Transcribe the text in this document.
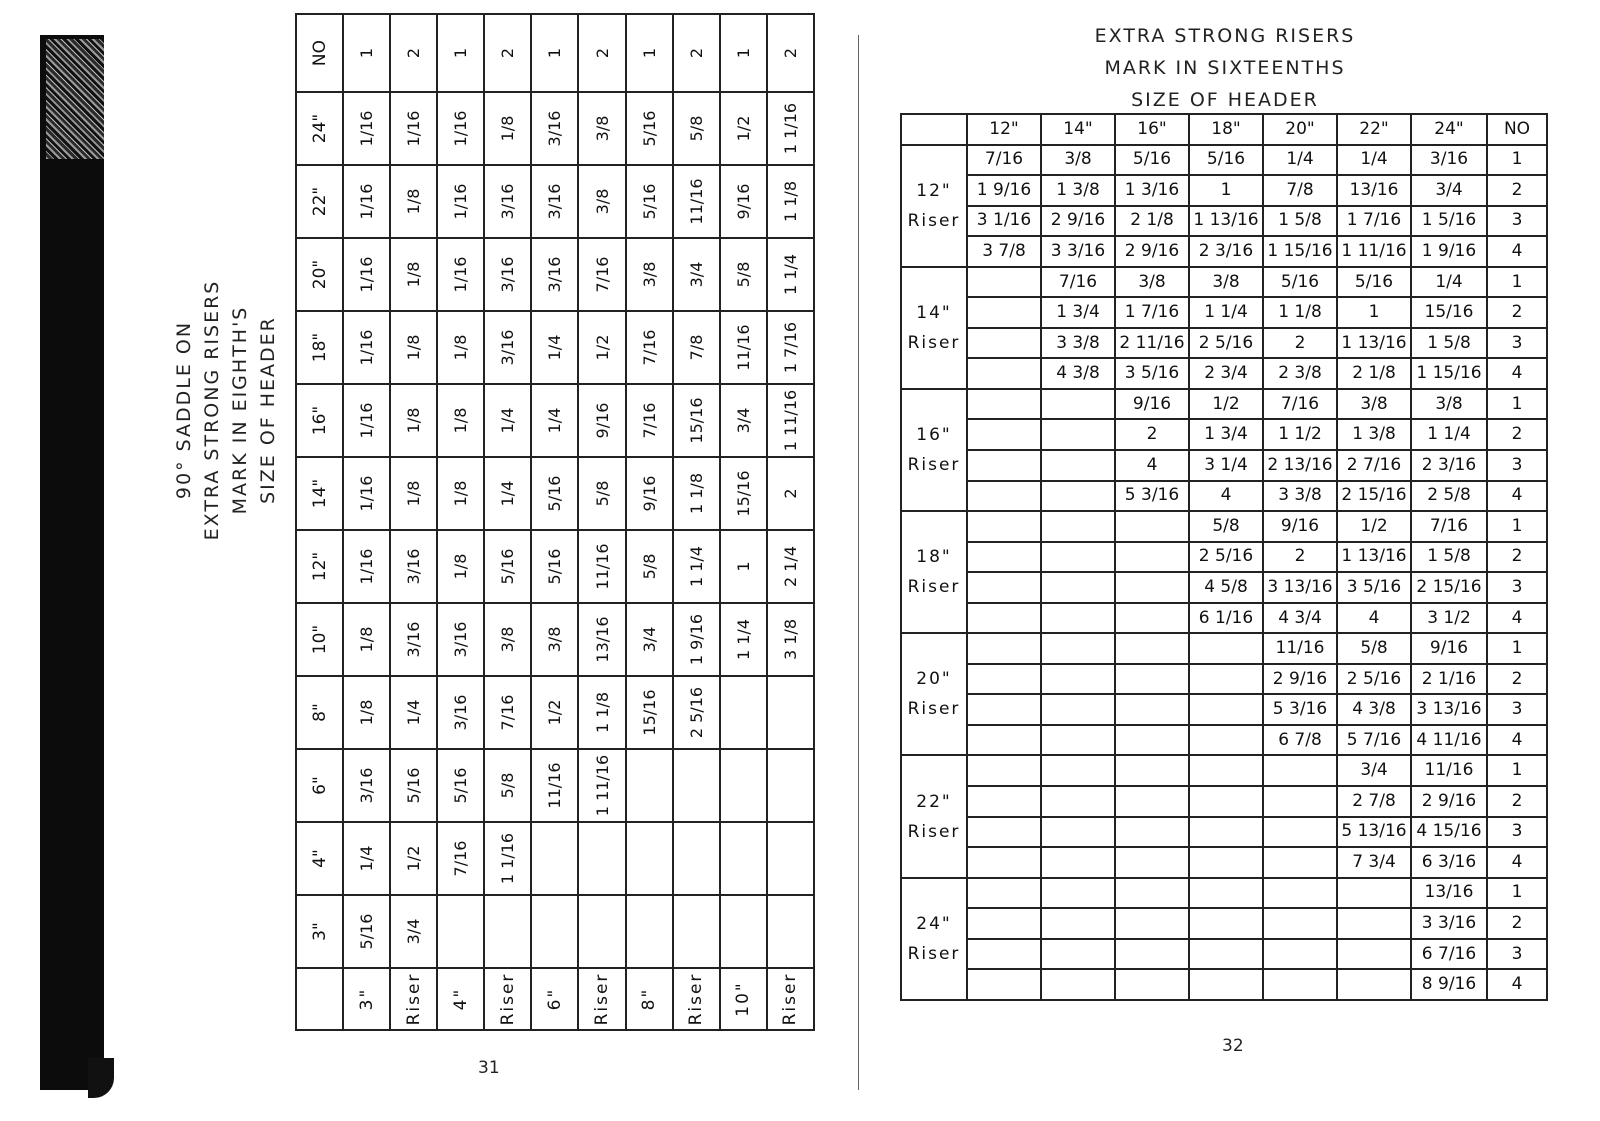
90° SADDLE ON EXTRA STRONG RISERS MARK IN EIGHTH'S SIZE OF HEADER
	3"	4"	6"	8"	10"	12"	14"	16"	18"	20"	22"	24"	NO
3"	5/16	1/4	3/16	1/8	1/8	1/16	1/16	1/16	1/16	1/16	1/16	1/16	1
Riser	3/4	1/2	5/16	1/4	3/16	3/16	1/8	1/8	1/8	1/8	1/8	1/16	2
4"		7/16	5/16	3/16	3/16	1/8	1/8	1/8	1/8	1/16	1/16	1/16	1
Riser		1 1/16	5/8	7/16	3/8	5/16	1/4	1/4	3/16	3/16	3/16	1/8	2
6"			11/16	1/2	3/8	5/16	5/16	1/4	1/4	3/16	3/16	3/16	1
Riser			1 11/16	1 1/8	13/16	11/16	5/8	9/16	1/2	7/16	3/8	3/8	2
8"				15/16	3/4	5/8	9/16	7/16	7/16	3/8	5/16	5/16	1
Riser				2 5/16	1 9/16	1 1/4	1 1/8	15/16	7/8	3/4	11/16	5/8	2
10"					1 1/4	1	15/16	3/4	11/16	5/8	9/16	1/2	1
Riser					3 1/8	2 1/4	2	1 11/16	1 7/16	1 1/4	1 1/8	1 1/16	2
31
EXTRA STRONG RISERS
MARK IN SIXTEENTHS
SIZE OF HEADER
	12"	14"	16"	18"	20"	22"	24"	NO

12"
Riser	7/16	3/8	5/16	5/16	1/4	1/4	3/16	1
	1 9/16	1 3/8	1 3/16	1	7/8	13/16	3/4	2
	3 1/16	2 9/16	2 1/8	1 13/16	1 5/8	1 7/16	1 5/16	3
	3 7/8	3 3/16	2 9/16	2 3/16	1 15/16	1 11/16	1 9/16	4

14"
Riser		7/16	3/8	3/8	5/16	5/16	1/4	1
		1 3/4	1 7/16	1 1/4	1 1/8	1	15/16	2
		3 3/8	2 11/16	2 5/16	2	1 13/16	1 5/8	3
		4 3/8	3 5/16	2 3/4	2 3/8	2 1/8	1 15/16	4

16"
Riser			9/16	1/2	7/16	3/8	3/8	1
			2	1 3/4	1 1/2	1 3/8	1 1/4	2
			4	3 1/4	2 13/16	2 7/16	2 3/16	3
			5 3/16	4	3 3/8	2 15/16	2 5/8	4

18"
Riser				5/8	9/16	1/2	7/16	1
				2 5/16	2	1 13/16	1 5/8	2
				4 5/8	3 13/16	3 5/16	2 15/16	3
				6 1/16	4 3/4	4	3 1/2	4

20"
Riser					11/16	5/8	9/16	1
					2 9/16	2 5/16	2 1/16	2
					5 3/16	4 3/8	3 13/16	3
					6 7/8	5 7/16	4 11/16	4

22"
Riser						3/4	11/16	1
						2 7/8	2 9/16	2
						5 13/16	4 15/16	3
						7 3/4	6 3/16	4

24"
Riser							13/16	1
							3 3/16	2
							6 7/16	3
							8 9/16	4
32
